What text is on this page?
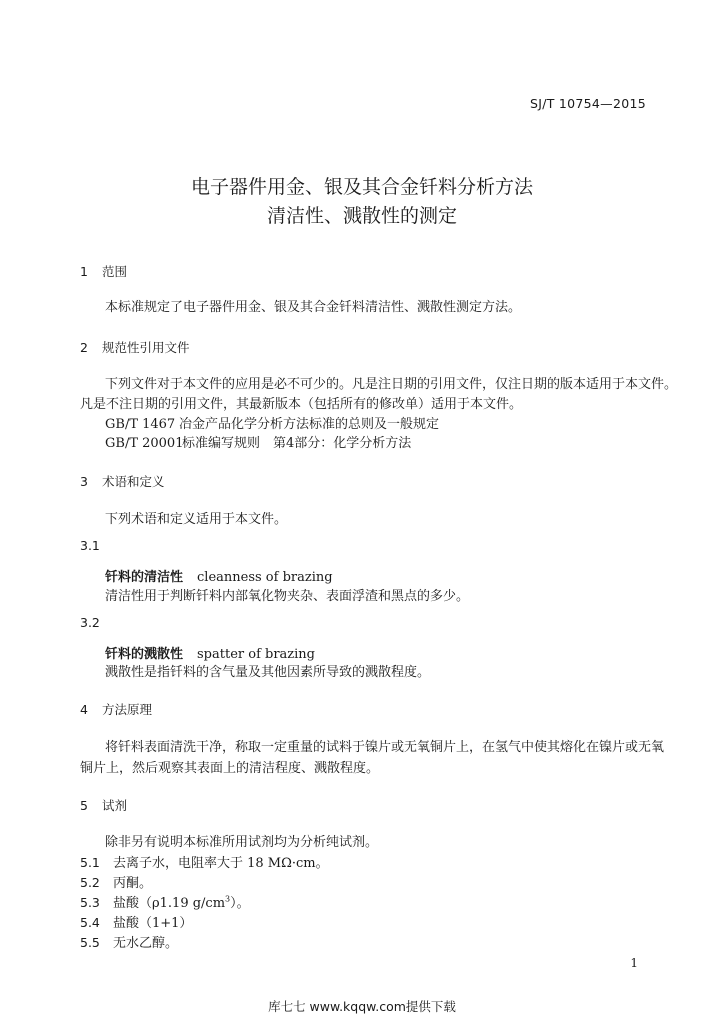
SJ/T 10754—2015
电子器件用金、银及其合金钎料分析方法
清洁性、溅散性的测定
1 范围
本标准规定了电子器件用金、银及其合金钎料清洁性、溅散性测定方法。
2 规范性引用文件
下列文件对于本文件的应用是必不可少的。凡是注日期的引用文件，仅注日期的版本适用于本文件。
凡是不注日期的引用文件，其最新版本（包括所有的修改单）适用于本文件。
GB/T 1467 冶金产品化学分析方法标准的总则及一般规定
GB/T 20001标准编写规则　第4部分：化学分析方法
3 术语和定义
下列术语和定义适用于本文件。
3.1
钎料的清洁性 cleanness of brazing
清洁性用于判断钎料内部氧化物夹杂、表面浮渣和黑点的多少。
3.2
钎料的溅散性 spatter of brazing
溅散性是指钎料的含气量及其他因素所导致的溅散程度。
4 方法原理
将钎料表面清洗干净，称取一定重量的试料于镍片或无氧铜片上，在氢气中使其熔化在镍片或无氧
铜片上，然后观察其表面上的清洁程度、溅散程度。
5 试剂
除非另有说明本标准所用试剂均为分析纯试剂。
5.1 去离子水，电阻率大于 18 MΩ·cm。
5.2 丙酮。
5.3 盐酸（ρ1.19 $g/cm^3$）。
5.4 盐酸（1+1）
5.5 无水乙醇。
1
库七七 www.kqqw.com提供下载
